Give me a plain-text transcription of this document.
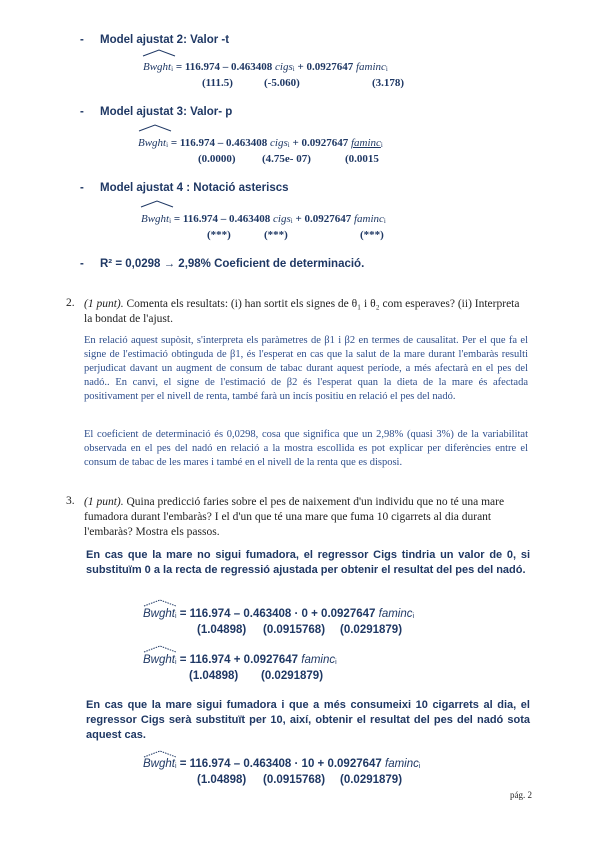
- Model ajustat 2: Valor -t
Bwghti = 116.974 – 0.463408 cigsi + 0.0927647 faminci
(111.5)	(-5.060)	(3.178)
- Model ajustat 3: Valor- p
Bwghti = 116.974 – 0.463408 cigsi + 0.0927647 faminci
(0.0000) (4.75e- 07)	(0.0015
- Model ajustat 4 : Notació asteriscs
Bwghti = 116.974 – 0.463408 cigsi + 0.0927647 faminci
(***)	(***)	(***)
- R² = 0,0298 → 2,98% Coeficient de determinació.
2. (1 punt). Comenta els resultats: (i) han sortit els signes de θ₁ i θ₂ com esperaves? (ii) Interpreta la bondat de l'ajust.
En relació aquest supòsit, s'interpreta els paràmetres de β1 i β2 en termes de causalitat. Per el que fa el signe de l'estimació obtinguda de β1, és l'esperat en cas que la salut de la mare durant l'embaràs resulti perjudicat davant un augment de consum de tabac durant aquest període, a més afectarà en el pes del nadó.. En canvi, el signe de l'estimació de β2 és l'esperat quan la dieta de la mare és afectada positivament per el nivell de renta, també farà un incís positiu en relació el pes del nadó.
El coeficient de determinació és 0,0298, cosa que significa que un 2,98% (quasi 3%) de la variabilitat observada en el pes del nadó en relació a la mostra escollida es pot explicar per diferències entre el consum de tabac de les mares i també en el nivell de la renta que es disposi.
3. (1 punt). Quina predicció faries sobre el pes de naixement d'un individu que no té una mare fumadora durant l'embaràs? I el d'un que té una mare que fuma 10 cigarrets al dia durant l'embaràs? Mostra els passos.
En cas que la mare no sigui fumadora, el regressor Cigs tindria un valor de 0, si substituïm 0 a la recta de regressió ajustada per obtenir el resultat del pes del nadó.
Bwghti = 116.974 – 0.463408 · 0 + 0.0927647 faminci
(1.04898) (0.0915768) (0.0291879)
Bwghti = 116.974 + 0.0927647 faminci
(1.04898) (0.0291879)
En cas que la mare sigui fumadora i que a més consumeixi 10 cigarrets al dia, el regressor Cigs serà substituït per 10, així, obtenir el resultat del pes del nadó sota aquest cas.
Bwghti = 116.974 – 0.463408 · 10 + 0.0927647 faminci
(1.04898) (0.0915768) (0.0291879)
pág. 2
